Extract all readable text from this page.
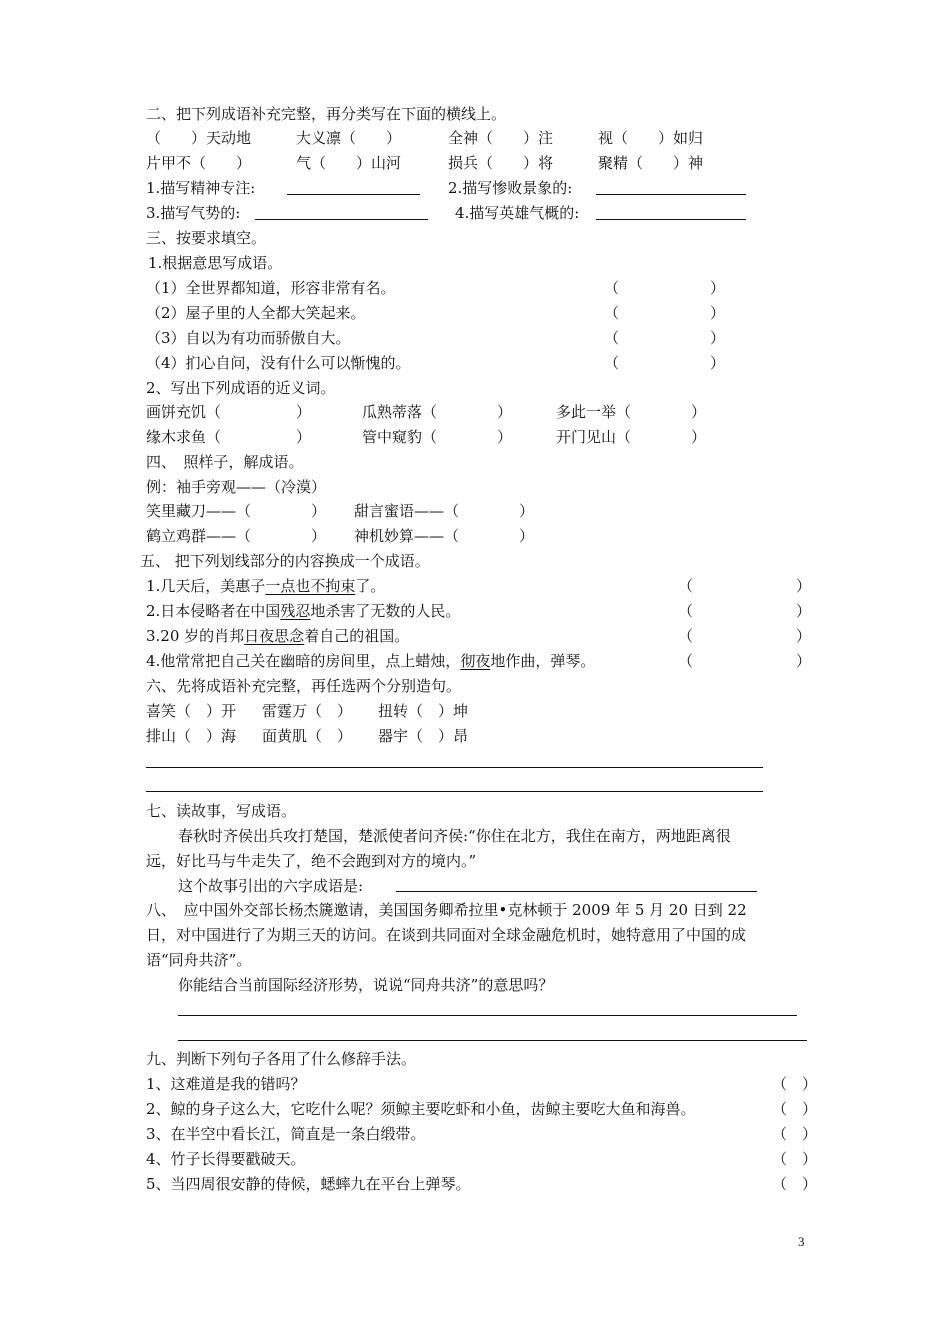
二、把下列成语补充完整，再分类写在下面的横线上。
（　　）天动地	大义凛（　　）	全神（　　）注	视（　　）如归
片甲不（　　）	气（　　）山河	损兵（　　）将	聚精（　　）神
1.描写精神专注:	2.描写惨败景象的:
3.描写气势的:	4.描写英雄气概的:
三、按要求填空。
1.根据意思写成语。
（1）全世界都知道，形容非常有名。	（	）
（2）屋子里的人全都大笑起来。	（	）
（3）自以为有功而骄傲自大。	（	）
（4）扪心自问，没有什么可以惭愧的。	（	）
2、写出下列成语的近义词。
画饼充饥（　　　　　）	瓜熟蒂落（　　　　）	多此一举（　　　　）
缘木求鱼（　　　　　）	管中窥豹（　　　　）	开门见山（　　　　）
四、　照样子，解成语。
例：袖手旁观——（冷漠）
笑里藏刀——（　　　　） 甜言蜜语——（　　　　）
鹤立鸡群——（　　　　） 神机妙算——（　　　　）
五、 把下列划线部分的内容换成一个成语。
1.几天后，美惠子一点也不拘束了。	（	）
2.日本侵略者在中国残忍地杀害了无数的人民。	（	）
3.20 岁的肖邦日夜思念着自己的祖国。	（	）
4.他常常把自己关在幽暗的房间里，点上蜡烛，彻夜地作曲，弹琴。	（	）
六、先将成语补充完整，再任选两个分别造句。
喜笑（　）开 雷霆万（　） 扭转（　）坤
排山（　）海 面黄肌（　） 器宇（　）昂
七、读故事，写成语。
春秋时齐侯出兵攻打楚国，楚派使者问齐侯:“你住在北方，我住在南方，两地距离很
远，好比马与牛走失了，绝不会跑到对方的境内。”
这个故事引出的六字成语是:
八、　应中国外交部长杨杰篪邀请，美国国务卿希拉里•克林顿于 2009 年 5 月 20 日到 22
日，对中国进行了为期三天的访问。在谈到共同面对全球金融危机时，她特意用了中国的成
语“同舟共济”。
你能结合当前国际经济形势，说说“同舟共济”的意思吗？
九、判断下列句子各用了什么修辞手法。
1、这难道是我的错吗？	（　）
2、鲸的身子这么大，它吃什么呢？须鲸主要吃虾和小鱼，齿鲸主要吃大鱼和海兽。	（　）
3、在半空中看长江，简直是一条白缎带。	（　）
4、竹子长得要戳破天。	（　）
5、当四周很安静的侍候，蟋蟀九在平台上弹琴。	（　）
3
